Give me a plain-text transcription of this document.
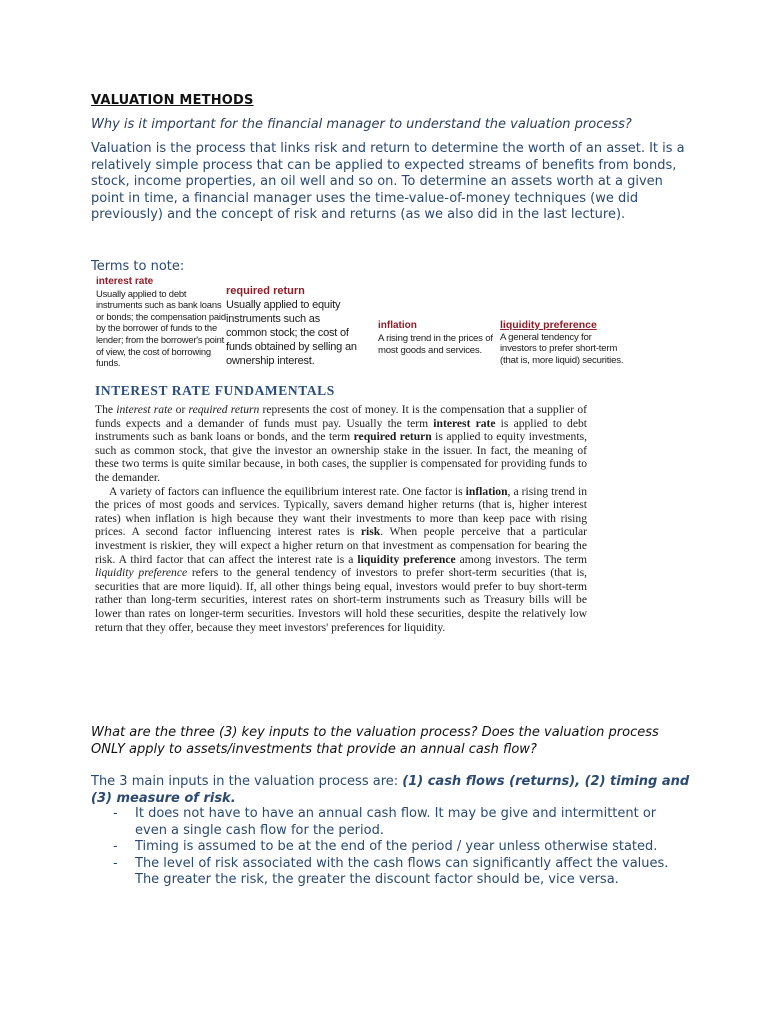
VALUATION METHODS
Why is it important for the financial manager to understand the valuation process?
Valuation is the process that links risk and return to determine the worth of an asset. It is a relatively simple process that can be applied to expected streams of benefits from bonds, stock, income properties, an oil well and so on. To determine an assets worth at a given point in time, a financial manager uses the time-value-of-money techniques (we did previously) and the concept of risk and returns (as we also did in the last lecture).
Terms to note:
interest rate
Usually applied to debt instruments such as bank loans or bonds; the compensation paid by the borrower of funds to the lender; from the borrower's point of view, the cost of borrowing funds.
required return
Usually applied to equity instruments such as common stock; the cost of funds obtained by selling an ownership interest.
inflation
A rising trend in the prices of most goods and services.
liquidity preference
A general tendency for investors to prefer short-term (that is, more liquid) securities.
INTEREST RATE FUNDAMENTALS

The interest rate or required return represents the cost of money. It is the compensation that a supplier of funds expects and a demander of funds must pay. Usually the term interest rate is applied to debt instruments such as bank loans or bonds, and the term required return is applied to equity investments, such as common stock, that give the investor an ownership stake in the issuer. In fact, the meaning of these two terms is quite similar because, in both cases, the supplier is compensated for providing funds to the demander.

A variety of factors can influence the equilibrium interest rate. One factor is inflation, a rising trend in the prices of most goods and services. Typically, savers demand higher returns (that is, higher interest rates) when inflation is high because they want their investments to more than keep pace with rising prices. A second factor influencing interest rates is risk. When people perceive that a particular investment is riskier, they will expect a higher return on that investment as compensation for bearing the risk. A third factor that can affect the interest rate is a liquidity preference among investors. The term liquidity preference refers to the general tendency of investors to prefer short-term securities (that is, securities that are more liquid). If, all other things being equal, investors would prefer to buy short-term rather than long-term securities, interest rates on short-term instruments such as Treasury bills will be lower than rates on longer-term securities. Investors will hold these securities, despite the relatively low return that they offer, because they meet investors' preferences for liquidity.

What are the three (3) key inputs to the valuation process? Does the valuation process ONLY apply to assets/investments that provide an annual cash flow?
The 3 main inputs in the valuation process are: (1) cash flows (returns), (2) timing and (3) measure of risk.
- It does not have to have an annual cash flow. It may be give and intermittent or even a single cash flow for the period.
- Timing is assumed to be at the end of the period / year unless otherwise stated.
- The level of risk associated with the cash flows can significantly affect the values. The greater the risk, the greater the discount factor should be, vice versa.
